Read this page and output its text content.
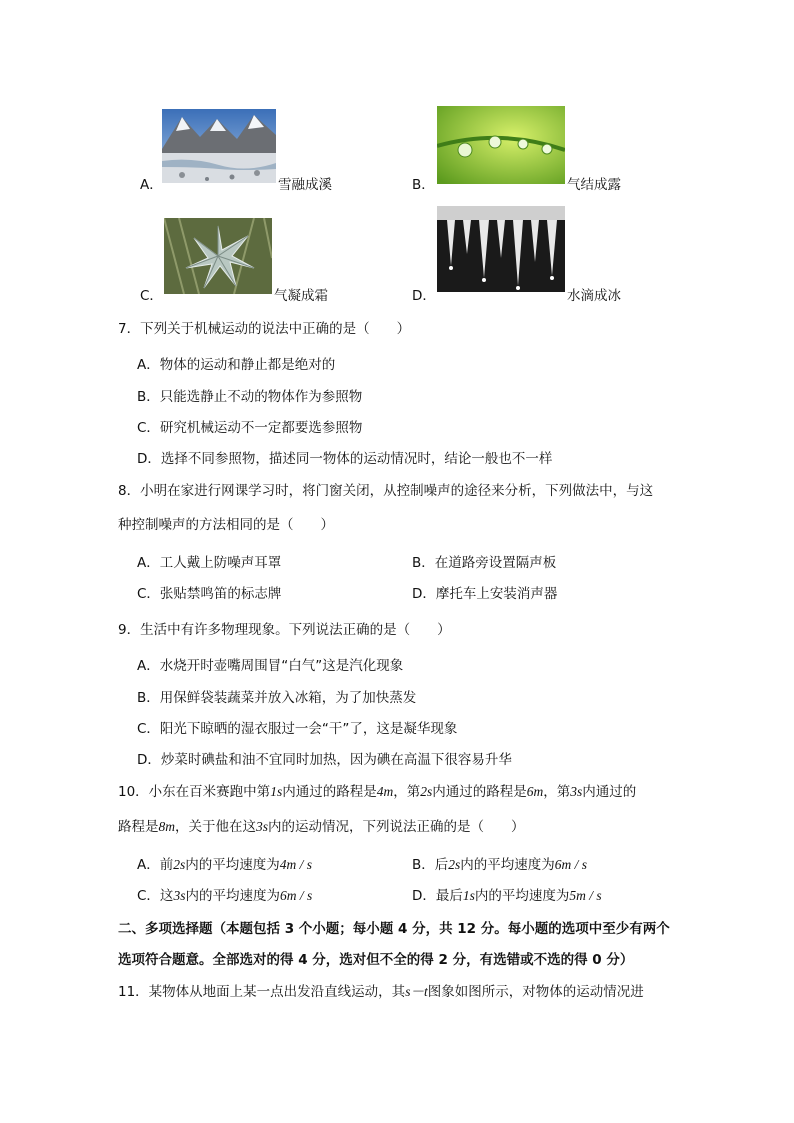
A．	雪融成溪	B．	气结成露
C．	气凝成霜	D．	水滴成冰
7．下列关于机械运动的说法中正确的是（　　）
A．物体的运动和静止都是绝对的
B．只能选静止不动的物体作为参照物
C．研究机械运动不一定都要选参照物
D．选择不同参照物，描述同一物体的运动情况时，结论一般也不一样
8．小明在家进行网课学习时，将门窗关闭，从控制噪声的途径来分析，下列做法中，与这
种控制噪声的方法相同的是（　　）
A．工人戴上防噪声耳罩	B．在道路旁设置隔声板
C．张贴禁鸣笛的标志牌	D．摩托车上安装消声器
9．生活中有许多物理现象。下列说法正确的是（　　）
A．水烧开时壶嘴周围冒“白气”这是汽化现象
B．用保鲜袋装蔬菜并放入冰箱，为了加快蒸发
C．阳光下晾晒的湿衣服过一会“干”了，这是凝华现象
D．炒菜时碘盐和油不宜同时加热，因为碘在高温下很容易升华
10．小东在百米赛跑中第1s内通过的路程是4m，第2s内通过的路程是6m，第3s内通过的
路程是8m，关于他在这3s内的运动情况，下列说法正确的是（　　）
A．前2s内的平均速度为4m / s	B．后2s内的平均速度为6m / s
C．这3s内的平均速度为6m / s	D．最后1s内的平均速度为5m / s
二、多项选择题（本题包括 3 个小题；每小题 4 分，共 12 分。每小题的选项中至少有两个
选项符合题意。全部选对的得 4 分，选对但不全的得 2 分，有选错或不选的得 0 分）
11．某物体从地面上某一点出发沿直线运动，其s－t图象如图所示，对物体的运动情况进
